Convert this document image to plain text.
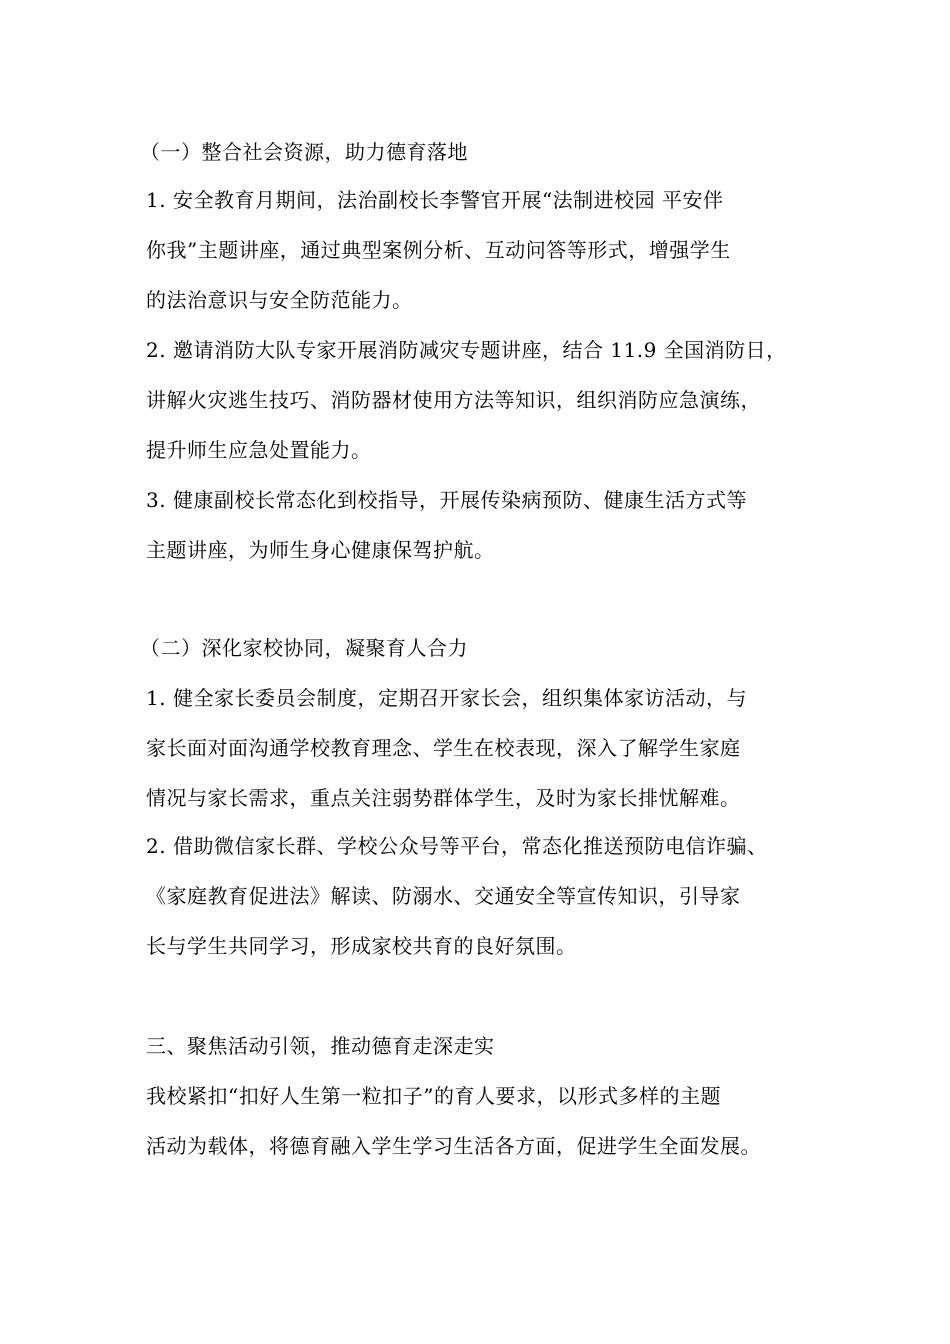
（一）整合社会资源，助力德育落地
1. 安全教育月期间，法治副校长李警官开展“法制进校园 平安伴
你我”主题讲座，通过典型案例分析、互动问答等形式，增强学生
的法治意识与安全防范能力。
2. 邀请消防大队专家开展消防减灾专题讲座，结合 11.9 全国消防日，
讲解火灾逃生技巧、消防器材使用方法等知识，组织消防应急演练，
提升师生应急处置能力。
3. 健康副校长常态化到校指导，开展传染病预防、健康生活方式等
主题讲座，为师生身心健康保驾护航。
（二）深化家校协同，凝聚育人合力
1. 健全家长委员会制度，定期召开家长会，组织集体家访活动，与
家长面对面沟通学校教育理念、学生在校表现，深入了解学生家庭
情况与家长需求，重点关注弱势群体学生，及时为家长排忧解难。
2. 借助微信家长群、学校公众号等平台，常态化推送预防电信诈骗、
《家庭教育促进法》解读、防溺水、交通安全等宣传知识，引导家
长与学生共同学习，形成家校共育的良好氛围。
三、聚焦活动引领，推动德育走深走实
我校紧扣“扣好人生第一粒扣子”的育人要求，以形式多样的主题
活动为载体，将德育融入学生学习生活各方面，促进学生全面发展。
